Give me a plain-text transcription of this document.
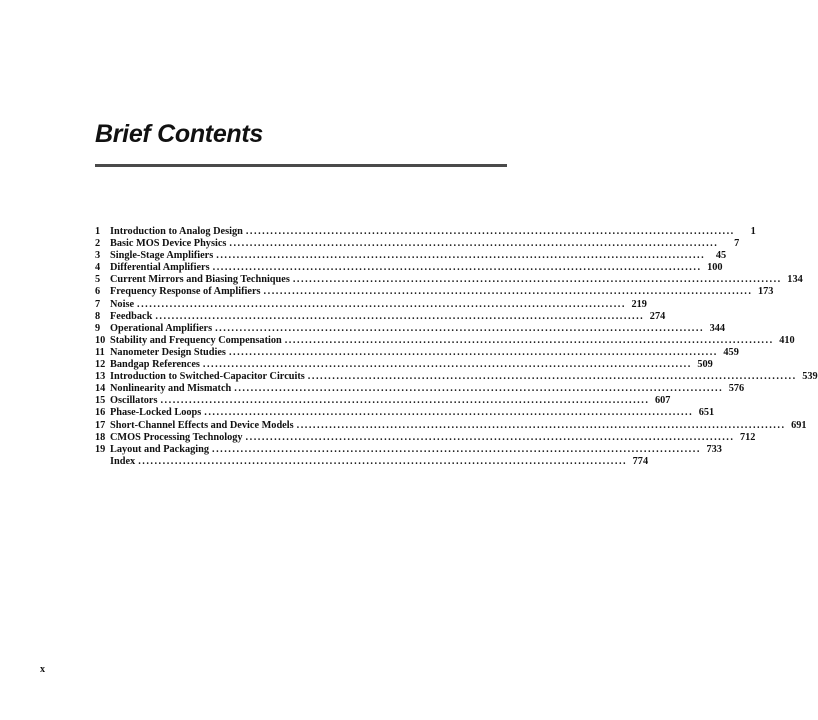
Brief Contents
1 Introduction to Analog Design ........................................................................................................................	1
2 Basic MOS Device Physics ........................................................................................................................	7
3 Single-Stage Amplifiers ........................................................................................................................	45
4 Differential Amplifiers ........................................................................................................................ 100
5 Current Mirrors and Biasing Techniques ........................................................................................................................ 134
6 Frequency Response of Amplifiers ........................................................................................................................ 173
7 Noise ........................................................................................................................ 219
8 Feedback ........................................................................................................................ 274
9 Operational Amplifiers ........................................................................................................................ 344
10 Stability and Frequency Compensation ........................................................................................................................ 410
11 Nanometer Design Studies ........................................................................................................................ 459
12 Bandgap References ........................................................................................................................ 509
13 Introduction to Switched-Capacitor Circuits ........................................................................................................................ 539
14 Nonlinearity and Mismatch ........................................................................................................................ 576
15 Oscillators ........................................................................................................................ 607
16 Phase-Locked Loops ........................................................................................................................ 651
17 Short-Channel Effects and Device Models ........................................................................................................................ 691
18 CMOS Processing Technology ........................................................................................................................ 712
19 Layout and Packaging ........................................................................................................................ 733
Index ........................................................................................................................ 774
x
